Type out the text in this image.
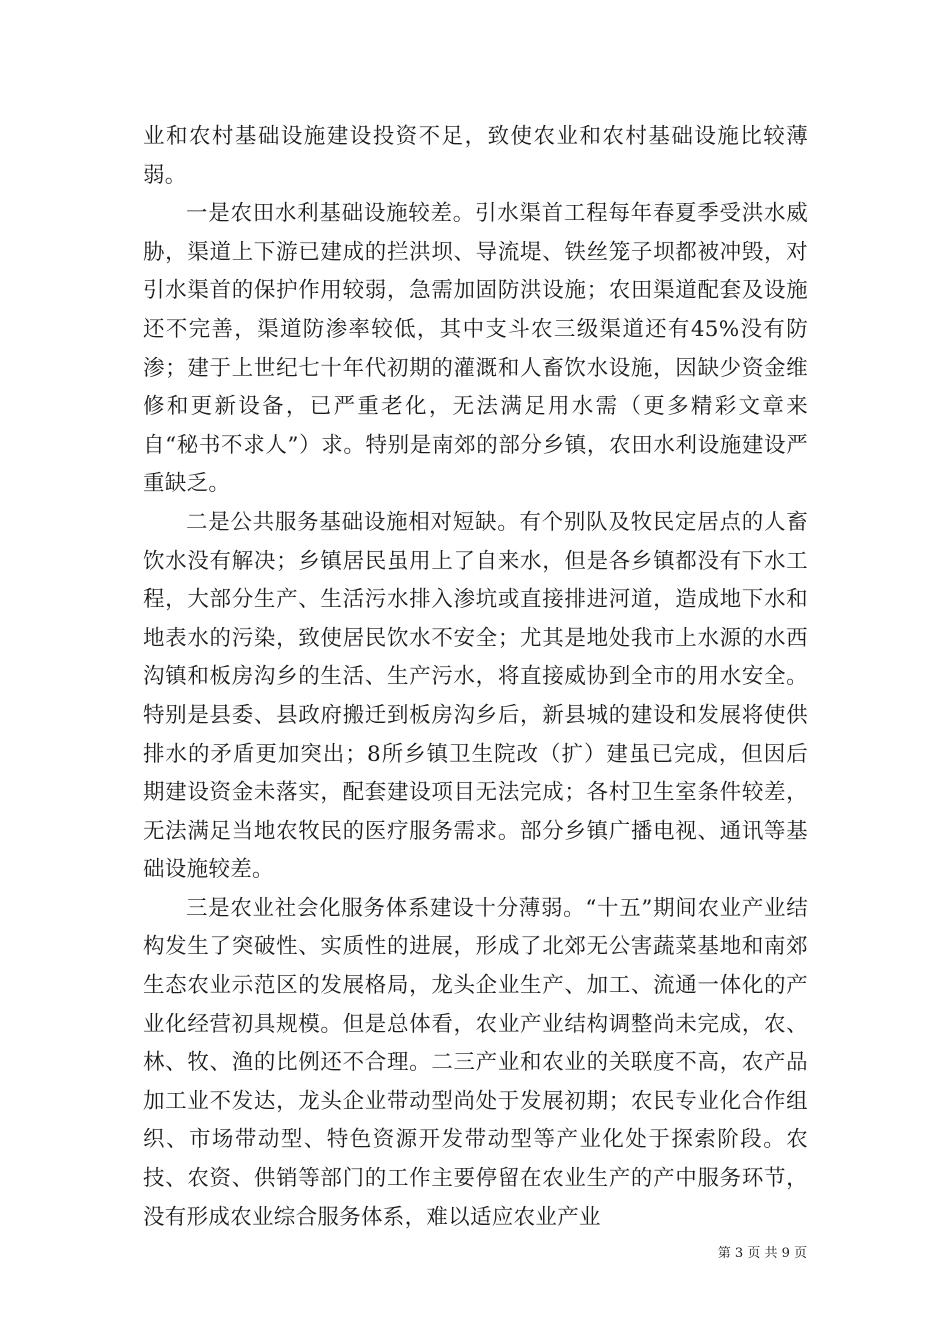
业和农村基础设施建设投资不足，致使农业和农村基础设施比较薄弱。

一是农田水利基础设施较差。引水渠首工程每年春夏季受洪水威胁，渠道上下游已建成的拦洪坝、导流堤、铁丝笼子坝都被冲毁，对引水渠首的保护作用较弱，急需加固防洪设施；农田渠道配套及设施还不完善，渠道防渗率较低，其中支斗农三级渠道还有45%没有防渗；建于上世纪七十年代初期的灌溉和人畜饮水设施，因缺少资金维修和更新设备，已严重老化，无法满足用水需（更多精彩文章来自“秘书不求人”）求。特别是南郊的部分乡镇，农田水利设施建设严重缺乏。

二是公共服务基础设施相对短缺。有个别队及牧民定居点的人畜饮水没有解决；乡镇居民虽用上了自来水，但是各乡镇都没有下水工程，大部分生产、生活污水排入渗坑或直接排进河道，造成地下水和地表水的污染，致使居民饮水不安全；尤其是地处我市上水源的水西沟镇和板房沟乡的生活、生产污水，将直接威协到全市的用水安全。特别是县委、县政府搬迁到板房沟乡后，新县城的建设和发展将使供排水的矛盾更加突出；8所乡镇卫生院改（扩）建虽已完成，但因后期建设资金未落实，配套建设项目无法完成；各村卫生室条件较差，无法满足当地农牧民的医疗服务需求。部分乡镇广播电视、通讯等基础设施较差。

三是农业社会化服务体系建设十分薄弱。“十五”期间农业产业结构发生了突破性、实质性的进展，形成了北郊无公害蔬菜基地和南郊生态农业示范区的发展格局，龙头企业生产、加工、流通一体化的产业化经营初具规模。但是总体看，农业产业结构调整尚未完成，农、林、牧、渔的比例还不合理。二三产业和农业的关联度不高，农产品加工业不发达，龙头企业带动型尚处于发展初期；农民专业化合作组织、市场带动型、特色资源开发带动型等产业化处于探索阶段。农技、农资、供销等部门的工作主要停留在农业生产的产中服务环节，没有形成农业综合服务体系，难以适应农业产业

第 3 页 共 9 页
